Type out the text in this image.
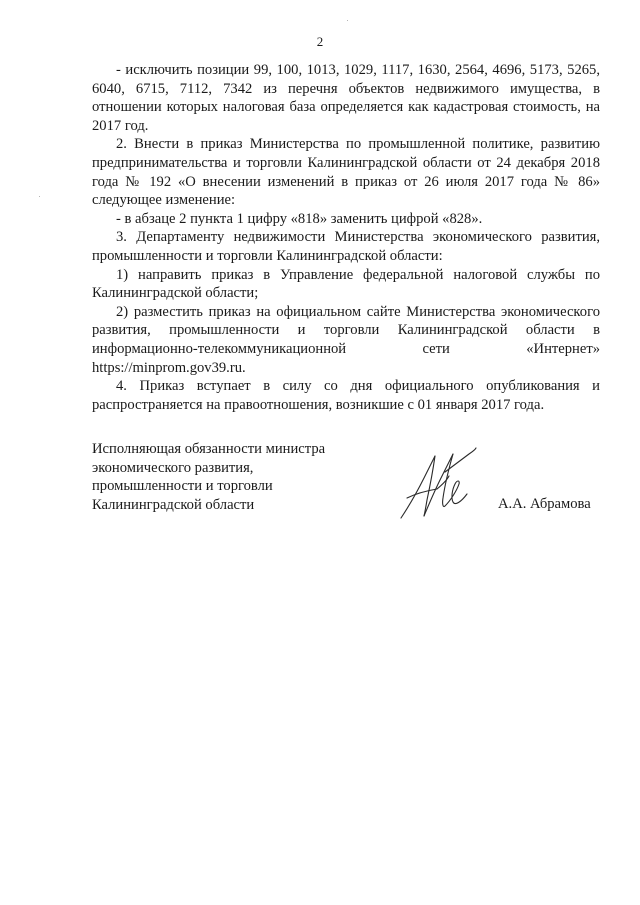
2

- исключить позиции 99, 100, 1013, 1029, 1117, 1630, 2564, 4696, 5173, 5265, 6040, 6715, 7112, 7342 из перечня объектов недвижимого имущества, в отношении которых налоговая база определяется как кадастровая стоимость, на 2017 год.

2. Внести в приказ Министерства по промышленной политике, развитию предпринимательства и торговли Калининградской области от 24 декабря 2018 года № 192 «О внесении изменений в приказ от 26 июля 2017 года № 86» следующее изменение:

- в абзаце 2 пункта 1 цифру «818» заменить цифрой «828».

3. Департаменту недвижимости Министерства экономического развития, промышленности и торговли Калининградской области:

1) направить приказ в Управление федеральной налоговой службы по Калининградской области;

2) разместить приказ на официальном сайте Министерства экономического развития, промышленности и торговли Калининградской области в информационно-телекоммуникационной сети «Интернет» https://minprom.gov39.ru.

4. Приказ вступает в силу со дня официального опубликования и распространяется на правоотношения, возникшие с 01 января 2017 года.

Исполняющая обязанности министра
экономического развития,
промышленности и торговли
Калининградской области	А.А. Абрамова
